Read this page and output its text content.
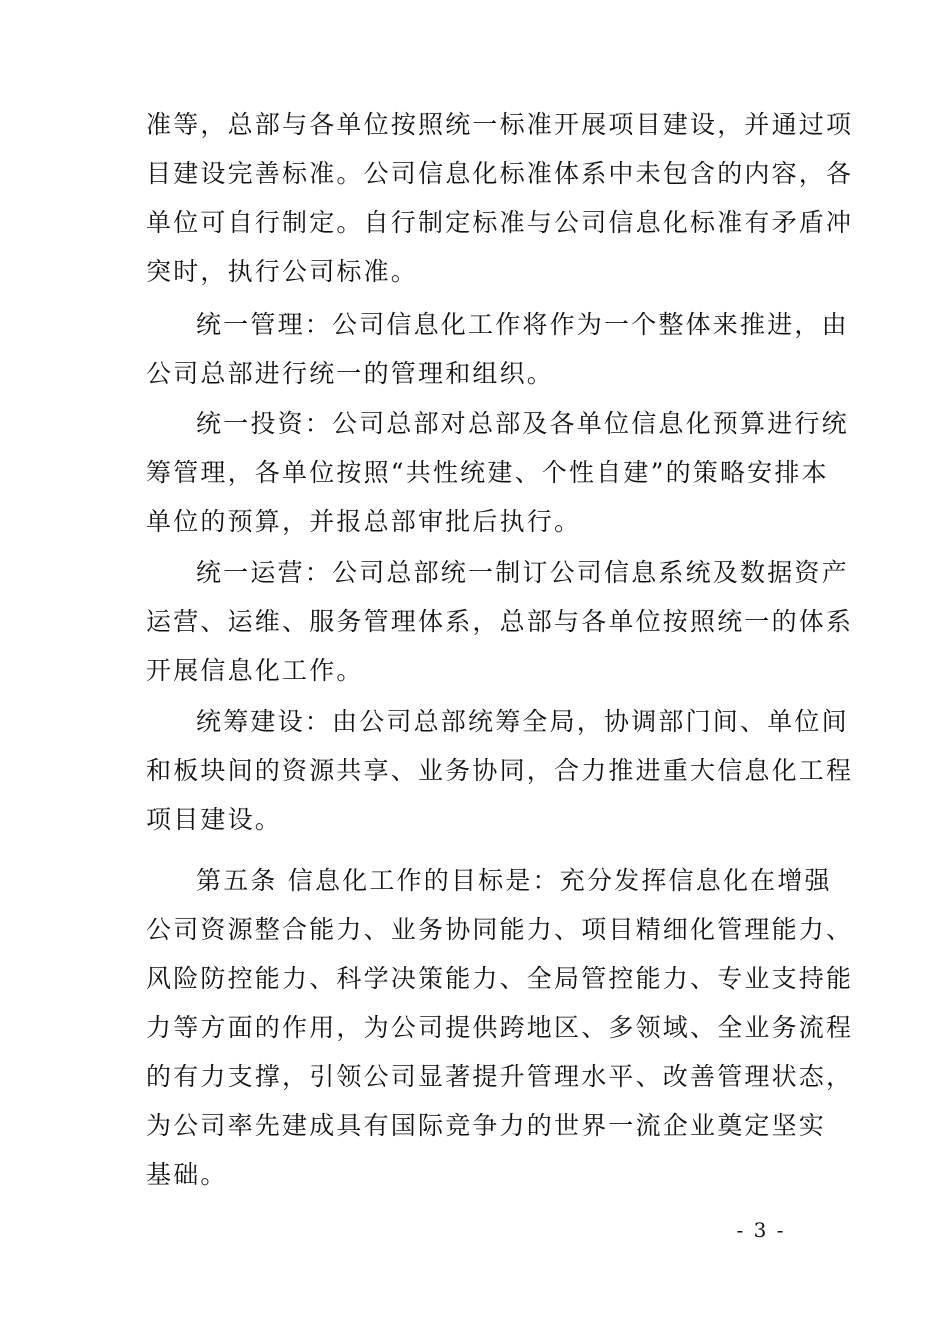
准等，总部与各单位按照统一标准开展项目建设，并通过项
目建设完善标准。公司信息化标准体系中未包含的内容，各
单位可自行制定。自行制定标准与公司信息化标准有矛盾冲
突时，执行公司标准。
统一管理：公司信息化工作将作为一个整体来推进，由
公司总部进行统一的管理和组织。
统一投资：公司总部对总部及各单位信息化预算进行统
筹管理，各单位按照“共性统建、个性自建”的策略安排本
单位的预算，并报总部审批后执行。
统一运营：公司总部统一制订公司信息系统及数据资产
运营、运维、服务管理体系，总部与各单位按照统一的体系
开展信息化工作。
统筹建设：由公司总部统筹全局，协调部门间、单位间
和板块间的资源共享、业务协同，合力推进重大信息化工程
项目建设。
第五条 信息化工作的目标是：充分发挥信息化在增强
公司资源整合能力、业务协同能力、项目精细化管理能力、
风险防控能力、科学决策能力、全局管控能力、专业支持能
力等方面的作用，为公司提供跨地区、多领域、全业务流程
的有力支撑，引领公司显著提升管理水平、改善管理状态，
为公司率先建成具有国际竞争力的世界一流企业奠定坚实
基础。
- 3 -
